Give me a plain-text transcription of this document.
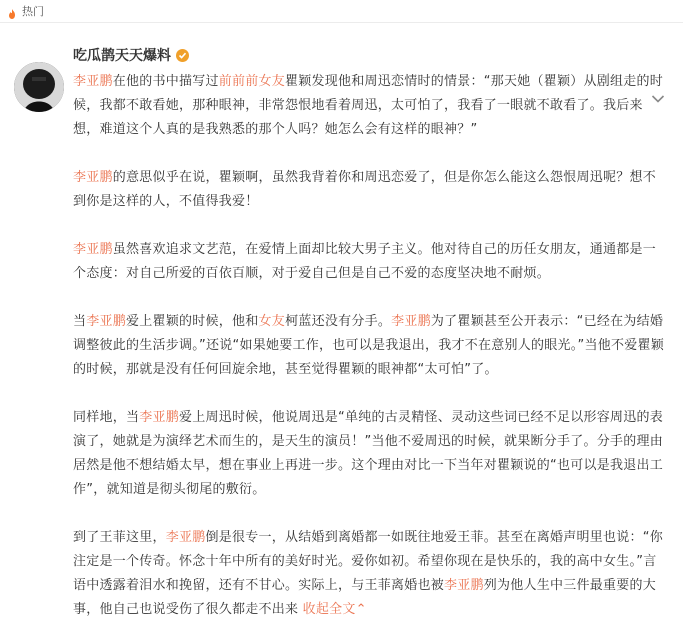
热门
吃瓜鹊天天爆料

李亚鹏在他的书中描写过前前前女友瞿颖发现他和周迅恋情时的情景：“那天她（瞿颖）从剧组走的时候，我都不敢看她，那种眼神，非常怨恨地看着周迅，太可怕了，我看了一眼就不敢看了。我后来想，难道这个人真的是我熟悉的那个人吗？她怎么会有这样的眼神？”

李亚鹏的意思似乎在说，瞿颖啊，虽然我背着你和周迅恋爱了，但是你怎么能这么怨恨周迅呢？想不到你是这样的人，不值得我爱！

李亚鹏虽然喜欢追求文艺范，在爱情上面却比较大男子主义。他对待自己的历任女朋友，通通都是一个态度：对自己所爱的百依百顺，对于爱自己但是自己不爱的态度坚决地不耐烦。

当李亚鹏爱上瞿颖的时候，他和女友柯蓝还没有分手。李亚鹏为了瞿颖甚至公开表示：“已经在为结婚调整彼此的生活步调。”还说“如果她要工作，也可以是我退出，我才不在意别人的眼光。”当他不爱瞿颖的时候，那就是没有任何回旋余地，甚至觉得瞿颖的眼神都“太可怕”了。

同样地，当李亚鹏爱上周迅时候，他说周迅是“单纯的古灵精怪、灵动这些词已经不足以形容周迅的表演了，她就是为演绎艺术而生的，是天生的演员！”当他不爱周迅的时候，就果断分手了。分手的理由居然是他不想结婚太早，想在事业上再进一步。这个理由对比一下当年对瞿颖说的“也可以是我退出工作”，就知道是彻头彻尾的敷衍。

到了王菲这里，李亚鹏倒是很专一，从结婚到离婚都一如既往地爱王菲。甚至在离婚声明里也说：“你注定是一个传奇。怀念十年中所有的美好时光。爱你如初。希望你现在是快乐的，我的高中女生。”言语中透露着泪水和挽留，还有不甘心。实际上，与王菲离婚也被李亚鹏列为他人生中三件最重要的大事，他自己也说受伤了很久都走不出来 收起全文⌃
